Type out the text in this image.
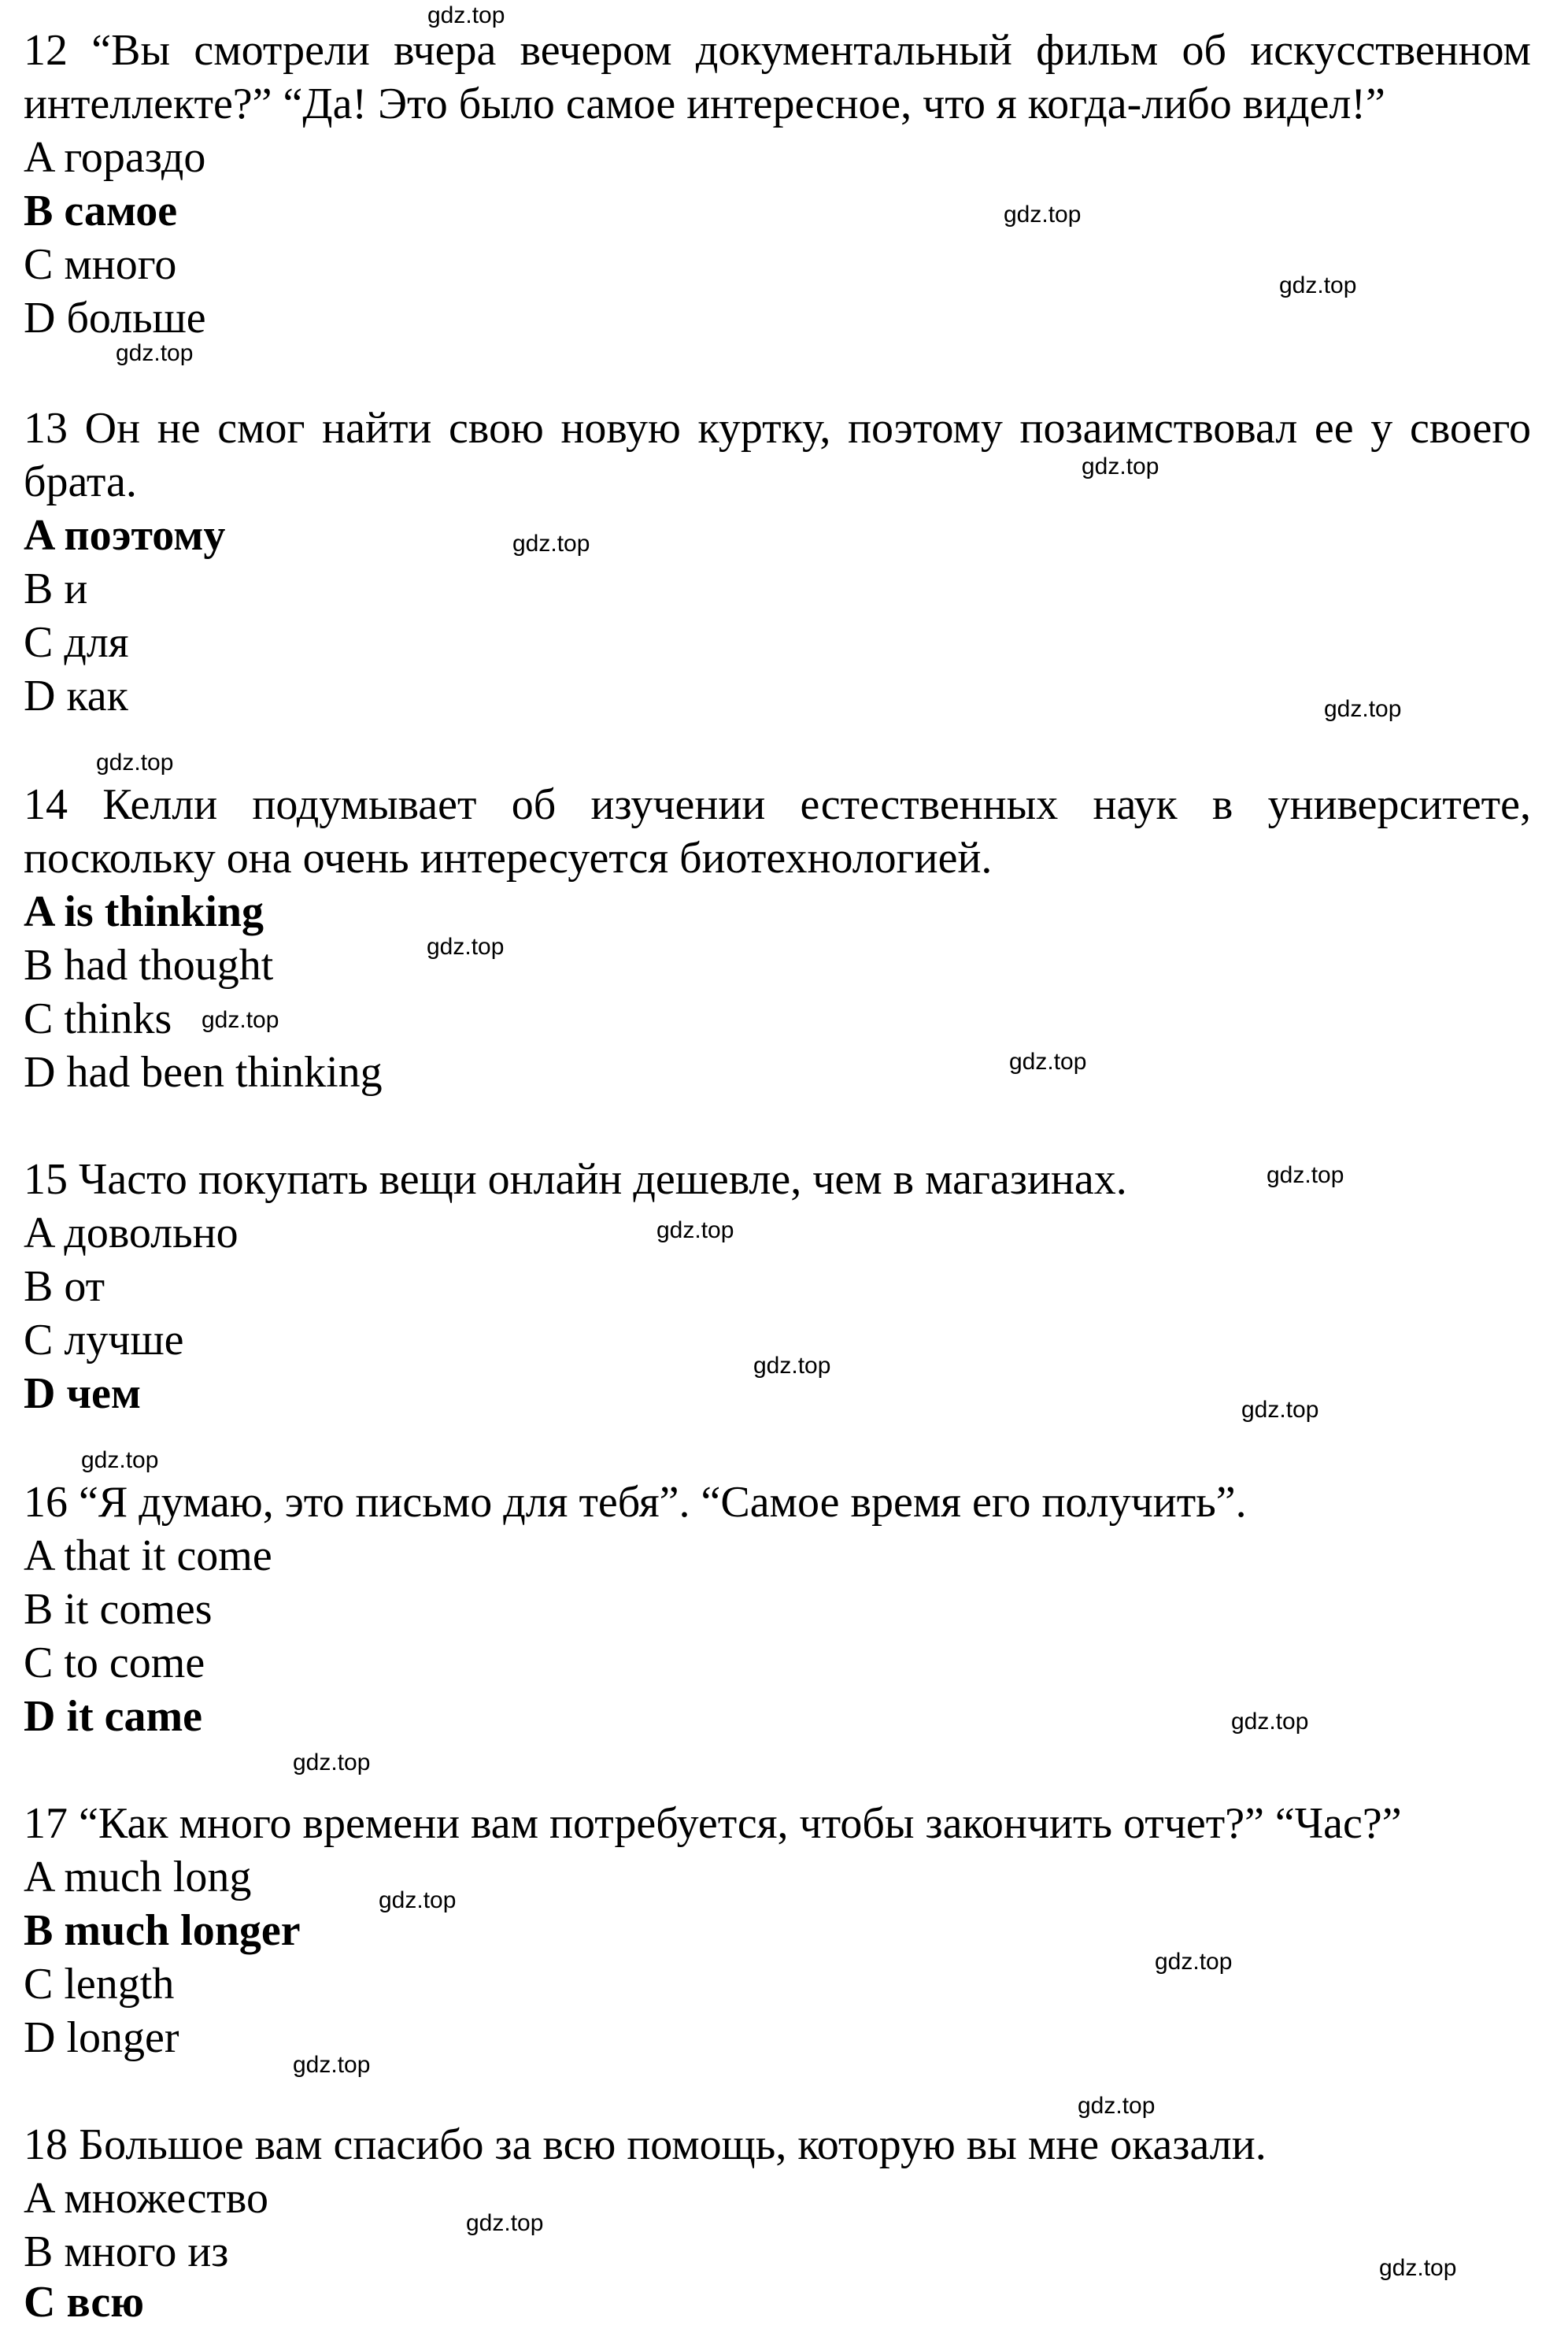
12 “Вы смотрели вчера вечером документальный фильм об искусственном интеллекте?” “Да! Это было самое интересное, что я когда-либо видел!”
A гораздо
B самое
C много
D больше
13 Он не смог найти свою новую куртку, поэтому позаимствовал ее у своего брата.
A поэтому
B и
C для
D как
14 Келли подумывает об изучении естественных наук в университете, поскольку она очень интересуется биотехнологией.
A is thinking
B had thought
C thinks
D had been thinking
15 Часто покупать вещи онлайн дешевле, чем в магазинах.
A довольно
B от
C лучше
D чем
16 “Я думаю, это письмо для тебя”. “Самое время его получить”.
A that it come
B it comes
C to come
D it came
17 “Как много времени вам потребуется, чтобы закончить отчет?” “Час?”
A much long
B much longer
C length
D longer
18 Большое вам спасибо за всю помощь, которую вы мне оказали.
A множество
B много из
C всю
gdz.top
gdz.top
gdz.top
gdz.top
gdz.top
gdz.top
gdz.top
gdz.top
gdz.top
gdz.top
gdz.top
gdz.top
gdz.top
gdz.top
gdz.top
gdz.top
gdz.top
gdz.top
gdz.top
gdz.top
gdz.top
gdz.top
gdz.top
gdz.top
